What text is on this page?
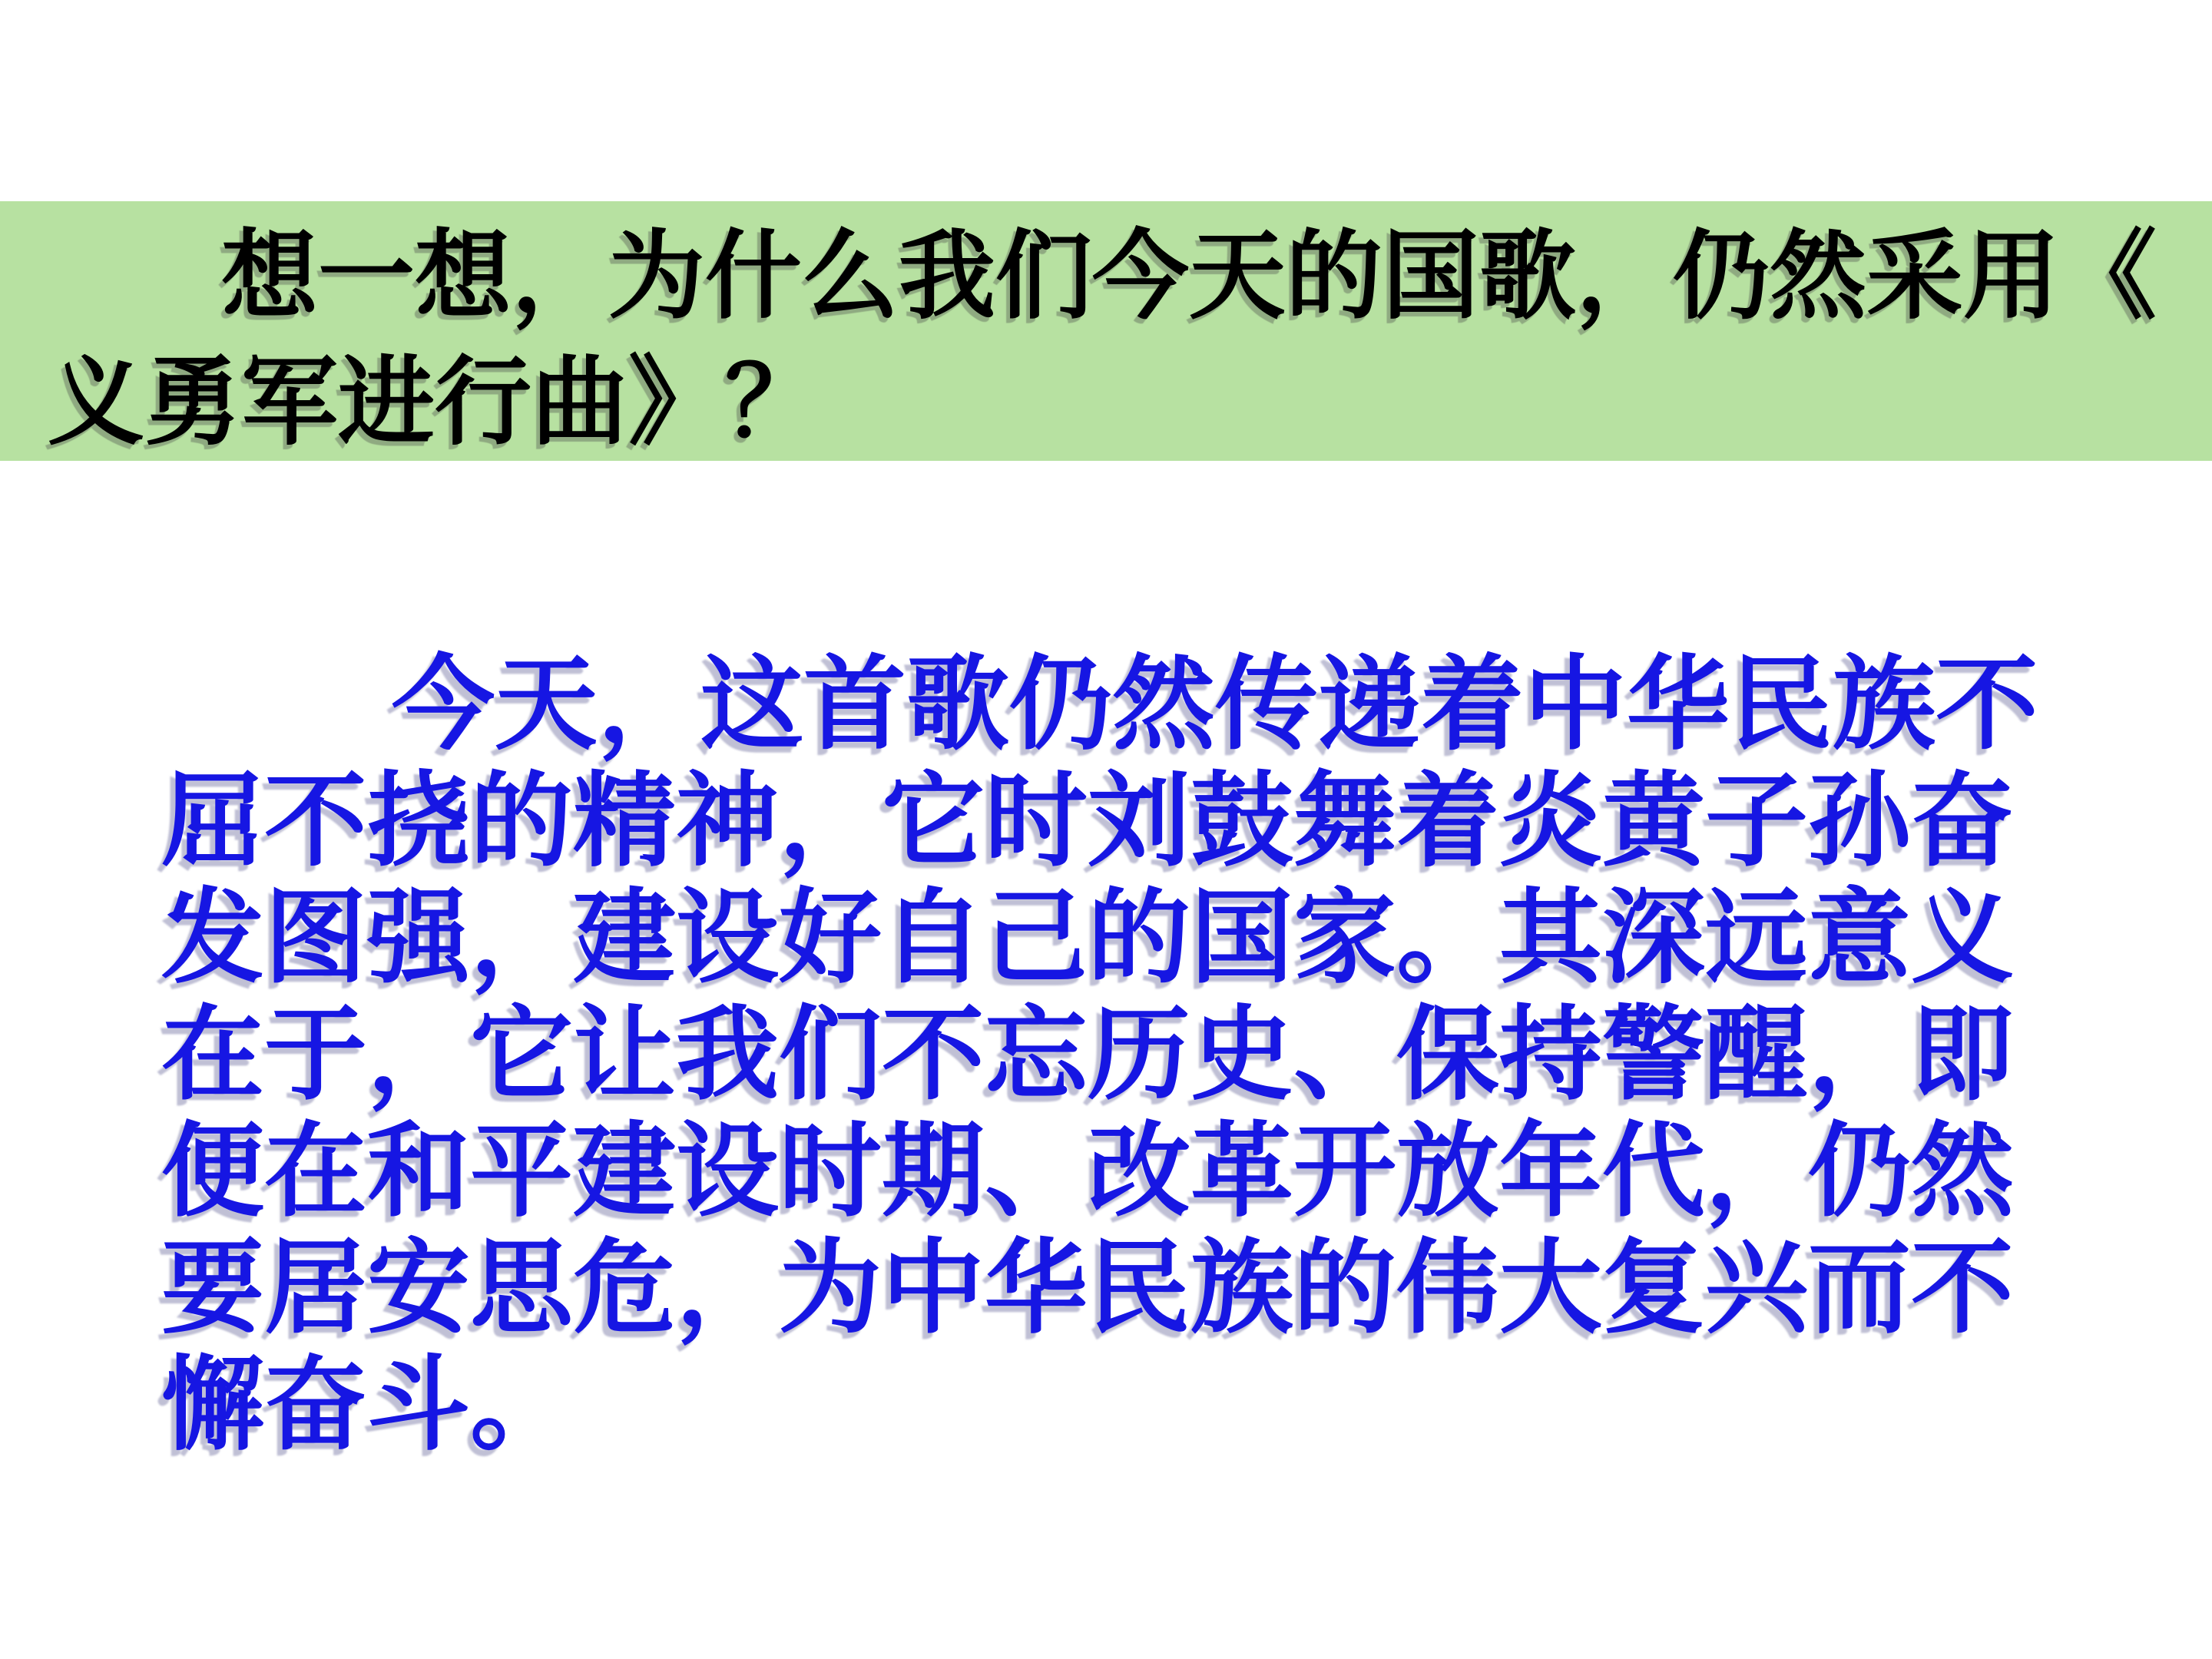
想一想，为什么我们今天的国歌，仍然采用《
义勇军进行曲》？
今天，这首歌仍然传递着中华民族不
屈不挠的精神，它时刘鼓舞着炎黄子孙奋
发图强，建设好自己的国家。其深远意义
在于，它让我们不忘历史、保持警醒，即
便在和平建设时期、改革开放年代，仍然
要居安思危，为中华民族的伟大复兴而不
懈奋斗。
